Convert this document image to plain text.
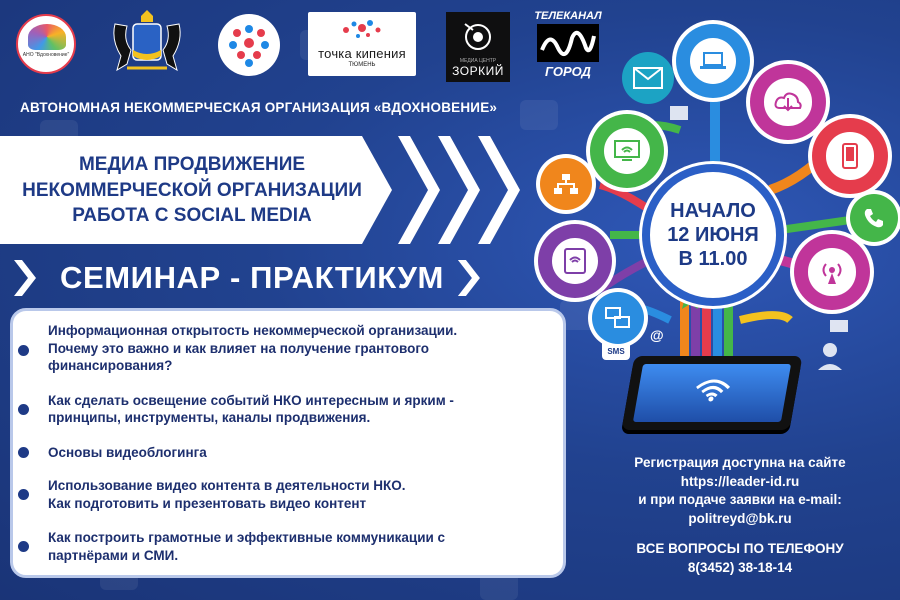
АНО "Вдохновение"	точка кипения
ТЮМЕНЬ
МЕДИА ЦЕНТР
ЗОРКИЙ
ТЕЛЕКАНАЛ
ГОРОД
АВТОНОМНАЯ НЕКОММЕРЧЕСКАЯ ОРГАНИЗАЦИЯ «ВДОХНОВЕНИЕ»
МЕДИА ПРОДВИЖЕНИЕ
НЕКОММЕРЧЕСКОЙ ОРГАНИЗАЦИИ
РАБОТА С SOCIAL MEDIA
СЕМИНАР - ПРАКТИКУМ
Информационная открытость некоммерческой организации.
Почему это важно и как влияет на получение грантового
финансирования?
Как сделать освещение событий НКО интересным и ярким -
принципы, инструменты, каналы продвижения.
Основы видеоблогинга
Использование видео контента в деятельности НКО.
Как подготовить и презентовать видео контент
Как построить грамотные и эффективные коммуникации с
партнёрами и СМИ.
SMS
@
НАЧАЛО
12 ИЮНЯ
В 11.00
Регистрация доступна на сайте
https://leader-id.ru
и при подаче заявки на e-mail:
politreyd@bk.ru
ВСЕ ВОПРОСЫ ПО ТЕЛЕФОНУ
8(3452) 38-18-14
